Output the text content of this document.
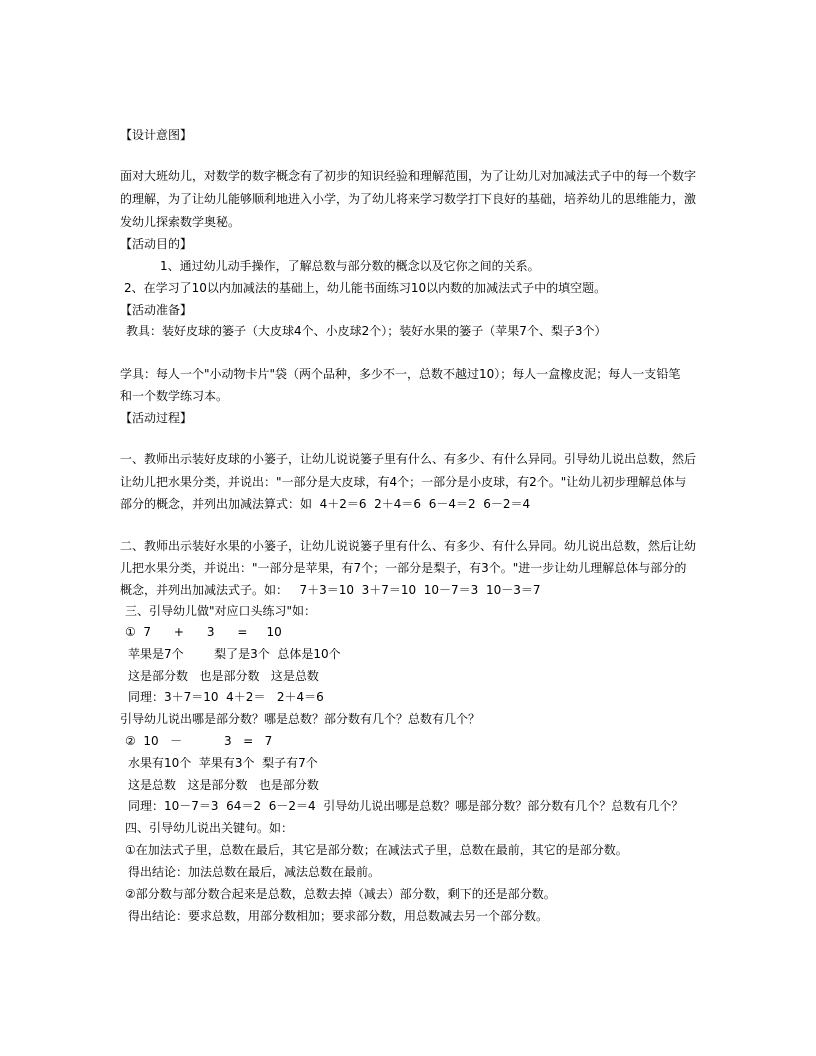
【设计意图】
面对大班幼儿，对数学的数字概念有了初步的知识经验和理解范围，为了让幼儿对加减法式子中的每一个数字
的理解，为了让幼儿能够顺利地进入小学，为了幼儿将来学习数学打下良好的基础，培养幼儿的思维能力，激
发幼儿探索数学奥秘。
【活动目的】
1、通过幼儿动手操作，了解总数与部分数的概念以及它你之间的关系。
2、在学习了10以内加减法的基础上，幼儿能书面练习10以内数的加减法式子中的填空题。
【活动准备】
教具：装好皮球的篓子（大皮球4个、小皮球2个）；装好水果的篓子（苹果7个、梨子3个）
学具：每人一个"小动物卡片"袋（两个品种，多少不一，总数不越过10）；每人一盒橡皮泥；每人一支铅笔
和一个数学练习本。
【活动过程】
一、教师出示装好皮球的小篓子，让幼儿说说篓子里有什么、有多少、有什么异同。引导幼儿说出总数，然后
让幼儿把水果分类，并说出："一部分是大皮球，有4个；一部分是小皮球，有2个。"让幼儿初步理解总体与
部分的概念，并列出加减法算式：如  4＋2＝6  2＋4＝6  6－4＝2  6－2＝4
二、教师出示装好水果的小篓子，让幼儿说说篓子里有什么、有多少、有什么异同。幼儿说出总数，然后让幼
儿把水果分类，并说出："一部分是苹果，有7个；一部分是梨子，有3个。"进一步让幼儿理解总体与部分的
概念，并列出加减法式子。如：   7＋3＝10  3＋7＝10  10－7＝3  10－3＝7
三、引导幼儿做"对应口头练习"如：
①  7      +      3      =     10
苹果是7个        梨了是3个  总体是10个
这是部分数   也是部分数   这是总数
同理：3＋7＝10  4＋2＝   2＋4＝6
引导幼儿说出哪是部分数？哪是总数？部分数有几个？总数有几个？
②  10   －           3   =   7
水果有10个  苹果有3个  梨子有7个
这是总数   这是部分数   也是部分数
同理：10－7＝3  64＝2  6－2＝4  引导幼儿说出哪是总数？哪是部分数？部分数有几个？总数有几个？
四、引导幼儿说出关键句。如：
①在加法式子里，总数在最后，其它是部分数；在减法式子里，总数在最前，其它的是部分数。
得出结论：加法总数在最后，减法总数在最前。
②部分数与部分数合起来是总数，总数去掉（减去）部分数，剩下的还是部分数。
得出结论：要求总数，用部分数相加；要求部分数，用总数减去另一个部分数。
